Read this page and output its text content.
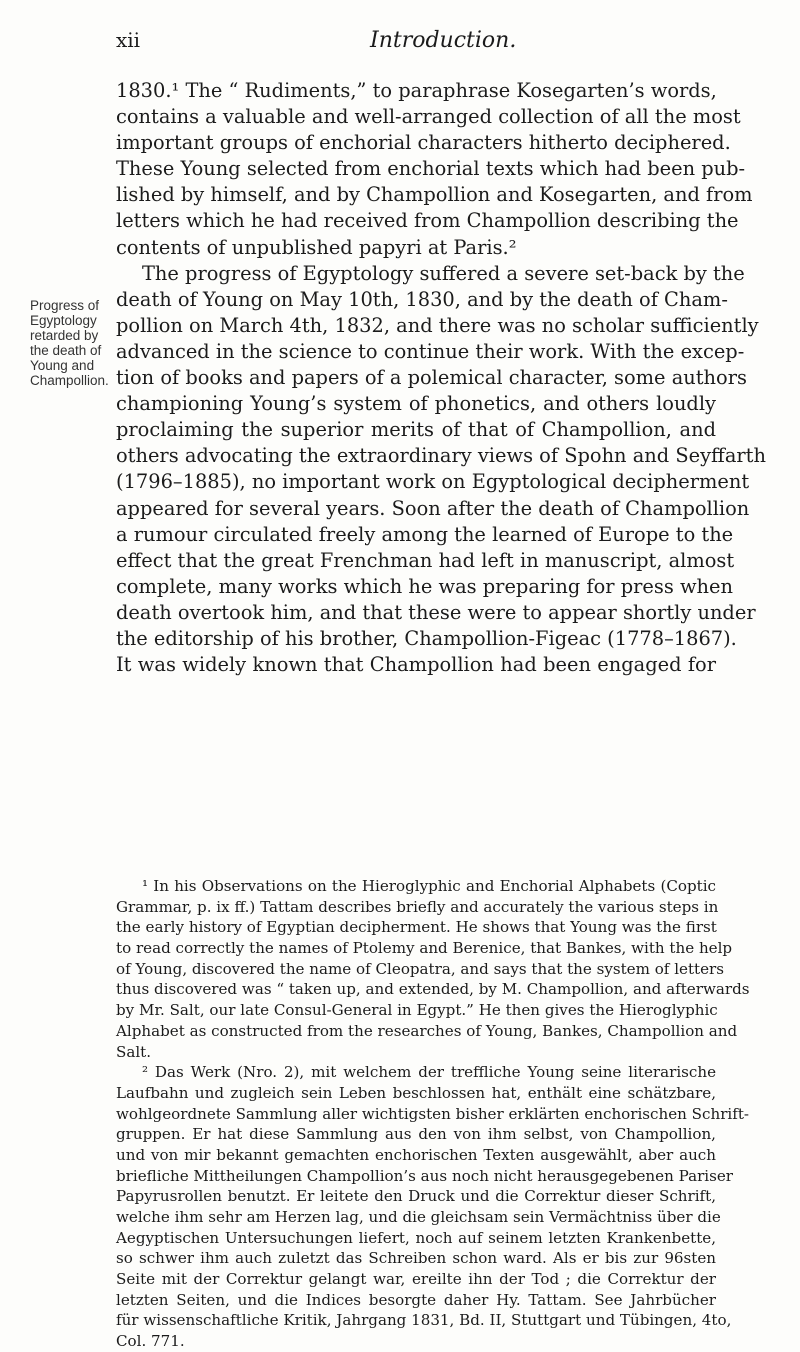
xii	Introduction.
Progress of
Egyptology
retarded by
the death of
Young and
Champollion.
1830.¹ The “ Rudiments,” to paraphrase Kosegarten’s words,
contains a valuable and well-arranged collection of all the most
important groups of enchorial characters hitherto deciphered.
These Young selected from enchorial texts which had been pub-
lished by himself, and by Champollion and Kosegarten, and from
letters which he had received from Champollion describing the
contents of unpublished papyri at Paris.²
The progress of Egyptology suffered a severe set-back by the
death of Young on May 10th, 1830, and by the death of Cham-
pollion on March 4th, 1832, and there was no scholar sufficiently
advanced in the science to continue their work. With the excep-
tion of books and papers of a polemical character, some authors
championing Young’s system of phonetics, and others loudly
proclaiming the superior merits of that of Champollion, and
others advocating the extraordinary views of Spohn and Seyffarth
(1796–1885), no important work on Egyptological decipherment
appeared for several years. Soon after the death of Champollion
a rumour circulated freely among the learned of Europe to the
effect that the great Frenchman had left in manuscript, almost
complete, many works which he was preparing for press when
death overtook him, and that these were to appear shortly under
the editorship of his brother, Champollion-Figeac (1778–1867).
It was widely known that Champollion had been engaged for
¹ In his Observations on the Hieroglyphic and Enchorial Alphabets (Coptic
Grammar, p. ix ff.) Tattam describes briefly and accurately the various steps in
the early history of Egyptian decipherment. He shows that Young was the first
to read correctly the names of Ptolemy and Berenice, that Bankes, with the help
of Young, discovered the name of Cleopatra, and says that the system of letters
thus discovered was “ taken up, and extended, by M. Champollion, and afterwards
by Mr. Salt, our late Consul-General in Egypt.” He then gives the Hieroglyphic
Alphabet as constructed from the researches of Young, Bankes, Champollion and
Salt.
² Das Werk (Nro. 2), mit welchem der treffliche Young seine literarische
Laufbahn und zugleich sein Leben beschlossen hat, enthält eine schätzbare,
wohlgeordnete Sammlung aller wichtigsten bisher erklärten enchorischen Schrift-
gruppen. Er hat diese Sammlung aus den von ihm selbst, von Champollion,
und von mir bekannt gemachten enchorischen Texten ausgewählt, aber auch
briefliche Mittheilungen Champollion’s aus noch nicht herausgegebenen Pariser
Papyrusrollen benutzt. Er leitete den Druck und die Correktur dieser Schrift,
welche ihm sehr am Herzen lag, und die gleichsam sein Vermächtniss über die
Aegyptischen Untersuchungen liefert, noch auf seinem letzten Krankenbette,
so schwer ihm auch zuletzt das Schreiben schon ward. Als er bis zur 96sten
Seite mit der Correktur gelangt war, ereilte ihn der Tod ; die Correktur der
letzten Seiten, und die Indices besorgte daher Hy. Tattam. See Jahrbücher
für wissenschaftliche Kritik, Jahrgang 1831, Bd. II, Stuttgart und Tübingen, 4to,
Col. 771.
